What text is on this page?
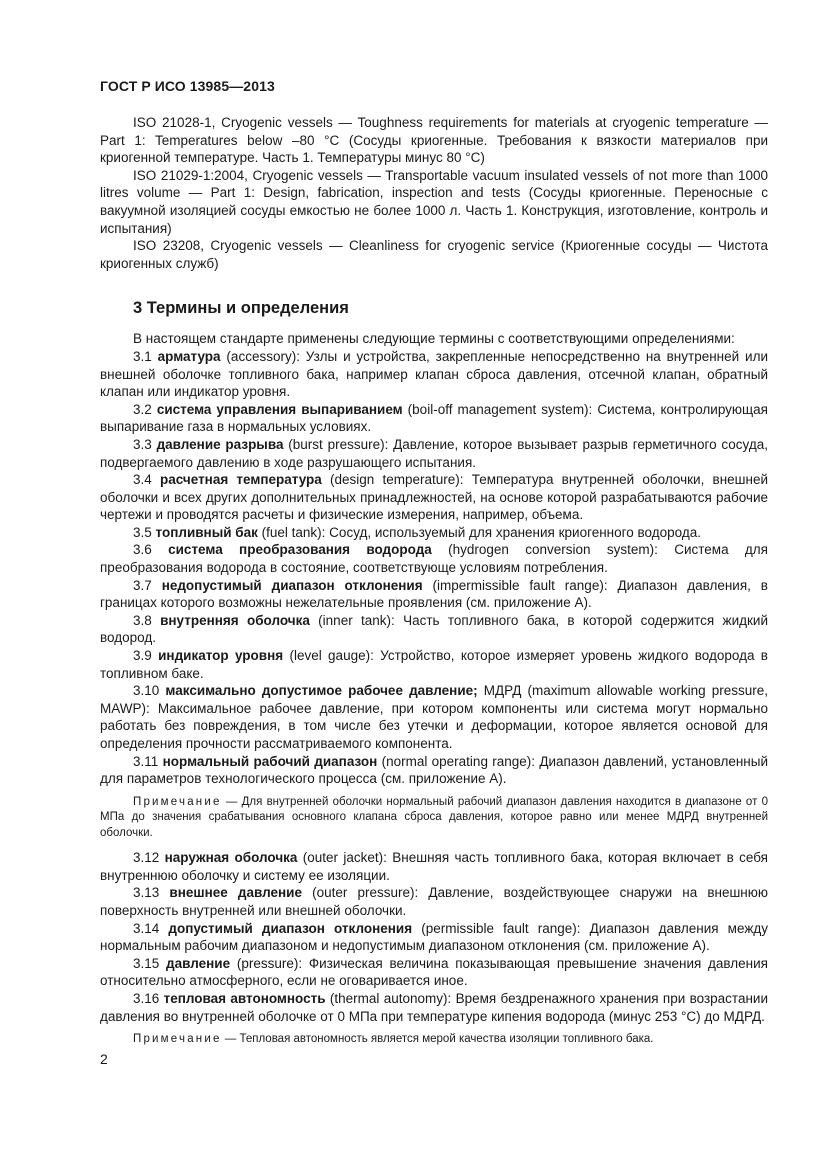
ГОСТ Р ИСО 13985—2013

ISO 21028-1, Cryogenic vessels — Toughness requirements for materials at cryogenic temperature — Part 1: Temperatures below –80 °C (Сосуды криогенные. Требования к вязкости материалов при криогенной температуре. Часть 1. Температуры минус 80 °C)

ISO 21029-1:2004, Cryogenic vessels — Transportable vacuum insulated vessels of not more than 1000 litres volume — Part 1: Design, fabrication, inspection and tests (Сосуды криогенные. Переносные с вакуумной изоляцией сосуды емкостью не более 1000 л. Часть 1. Конструкция, изготовление, контроль и испытания)

ISO 23208, Cryogenic vessels — Cleanliness for cryogenic service (Криогенные сосуды — Чистота криогенных служб)

3 Термины и определения

В настоящем стандарте применены следующие термины с соответствующими определениями:

3.1 арматура (accessory): Узлы и устройства, закрепленные непосредственно на внутренней или внешней оболочке топливного бака, например клапан сброса давления, отсечной клапан, обратный клапан или индикатор уровня.

3.2 система управления выпариванием (boil-off management system): Система, контролирующая выпаривание газа в нормальных условиях.

3.3 давление разрыва (burst pressure): Давление, которое вызывает разрыв герметичного сосуда, подвергаемого давлению в ходе разрушающего испытания.

3.4 расчетная температура (design temperature): Температура внутренней оболочки, внешней оболочки и всех других дополнительных принадлежностей, на основе которой разрабатываются рабочие чертежи и проводятся расчеты и физические измерения, например, объема.

3.5 топливный бак (fuel tank): Сосуд, используемый для хранения криогенного водорода.

3.6 система преобразования водорода (hydrogen conversion system): Система для преобразования водорода в состояние, соответствующе условиям потребления.

3.7 недопустимый диапазон отклонения (impermissible fault range): Диапазон давления, в границах которого возможны нежелательные проявления (см. приложение А).

3.8 внутренняя оболочка (inner tank): Часть топливного бака, в которой содержится жидкий водород.

3.9 индикатор уровня (level gauge): Устройство, которое измеряет уровень жидкого водорода в топливном баке.

3.10 максимально допустимое рабочее давление; МДРД (maximum allowable working pressure, MAWP): Максимальное рабочее давление, при котором компоненты или система могут нормально работать без повреждения, в том числе без утечки и деформации, которое является основой для определения прочности рассматриваемого компонента.

3.11 нормальный рабочий диапазон (normal operating range): Диапазон давлений, установленный для параметров технологического процесса (см. приложение А).

Примечание — Для внутренней оболочки нормальный рабочий диапазон давления находится в диапазоне от 0 МПа до значения срабатывания основного клапана сброса давления, которое равно или менее МДРД внутренней оболочки.

3.12 наружная оболочка (outer jacket): Внешняя часть топливного бака, которая включает в себя внутреннюю оболочку и систему ее изоляции.

3.13 внешнее давление (outer pressure): Давление, воздействующее снаружи на внешнюю поверхность внутренней или внешней оболочки.

3.14 допустимый диапазон отклонения (permissible fault range): Диапазон давления между нормальным рабочим диапазоном и недопустимым диапазоном отклонения (см. приложение А).

3.15 давление (pressure): Физическая величина показывающая превышение значения давления относительно атмосферного, если не оговаривается иное.

3.16 тепловая автономность (thermal autonomy): Время бездренажного хранения при возрастании давления во внутренней оболочке от 0 МПа при температуре кипения водорода (минус 253 °С) до МДРД.

Примечание — Тепловая автономность является мерой качества изоляции топливного бака.

2
